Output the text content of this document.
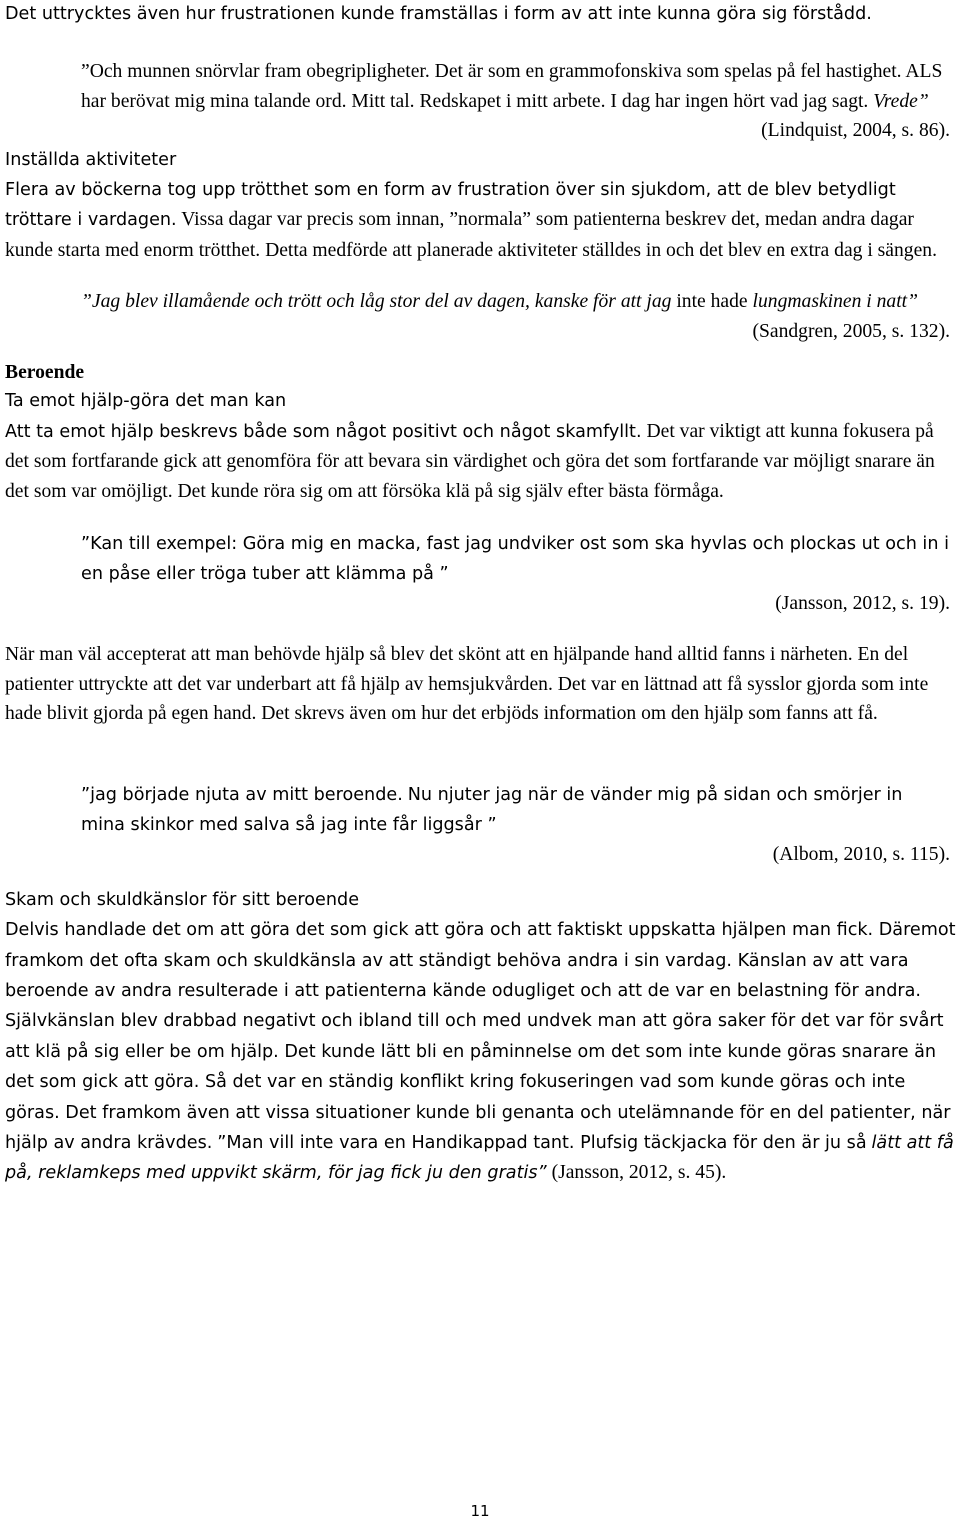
Det uttrycktes även hur frustrationen kunde framställas i form av att inte kunna göra sig förstådd.

”Och munnen snörvlar fram obegripligheter. Det är som en grammofonskiva som spelas på fel hastighet. ALS har berövat mig mina talande ord. Mitt tal. Redskapet i mitt arbete. I dag har ingen hört vad jag sagt. Vrede”

(Lindquist, 2004, s. 86).

Inställda aktiviteter

Flera av böckerna tog upp trötthet som en form av frustration över sin sjukdom, att de blev betydligt tröttare i vardagen. Vissa dagar var precis som innan, ”normala” som patienterna beskrev det, medan andra dagar kunde starta med enorm trötthet. Detta medförde att planerade aktiviteter ställdes in och det blev en extra dag i sängen.

”Jag blev illamående och trött och låg stor del av dagen, kanske för att jag inte hade lungmaskinen i natt”

(Sandgren, 2005, s. 132).

Beroende

Ta emot hjälp-göra det man kan

Att ta emot hjälp beskrevs både som något positivt och något skamfyllt. Det var viktigt att kunna fokusera på det som fortfarande gick att genomföra för att bevara sin värdighet och göra det som fortfarande var möjligt snarare än det som var omöjligt. Det kunde röra sig om att försöka klä på sig själv efter bästa förmåga.

”Kan till exempel: Göra mig en macka, fast jag undviker ost som ska hyvlas och plockas ut och in i en påse eller tröga tuber att klämma på ”

(Jansson, 2012, s. 19).

När man väl accepterat att man behövde hjälp så blev det skönt att en hjälpande hand alltid fanns i närheten. En del patienter uttryckte att det var underbart att få hjälp av hemsjukvården. Det var en lättnad att få sysslor gjorda som inte hade blivit gjorda på egen hand. Det skrevs även om hur det erbjöds information om den hjälp som fanns att få.

”jag började njuta av mitt beroende. Nu njuter jag när de vänder mig på sidan och smörjer in mina skinkor med salva så jag inte får liggsår ”

(Albom, 2010, s. 115).

Skam och skuldkänslor för sitt beroende

Delvis handlade det om att göra det som gick att göra och att faktiskt uppskatta hjälpen man fick. Däremot framkom det ofta skam och skuldkänsla av att ständigt behöva andra i sin vardag. Känslan av att vara beroende av andra resulterade i att patienterna kände odugliget och att de var en belastning för andra. Självkänslan blev drabbad negativt och ibland till och med undvek man att göra saker för det var för svårt att klä på sig eller be om hjälp. Det kunde lätt bli en påminnelse om det som inte kunde göras snarare än det som gick att göra. Så det var en ständig konflikt kring fokuseringen vad som kunde göras och inte göras. Det framkom även att vissa situationer kunde bli genanta och utelämnande för en del patienter, när hjälp av andra krävdes. ”Man vill inte vara en Handikappad tant. Plufsig täckjacka för den är ju så lätt att få på, reklamkeps med uppvikt skärm, för jag fick ju den gratis” (Jansson, 2012, s. 45).

11
